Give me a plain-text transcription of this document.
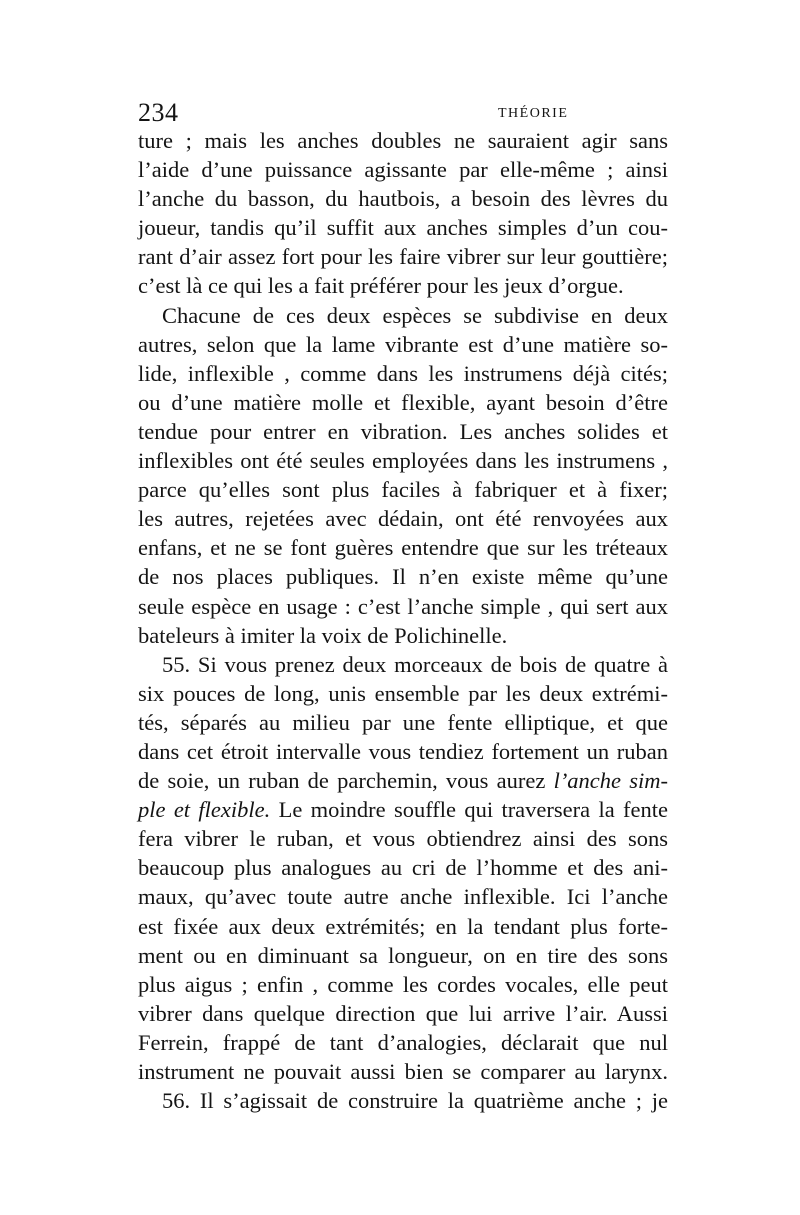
234	THÉORIE
ture ; mais les anches doubles ne sauraient agir sans
l’aide d’une puissance agissante par elle-même ; ainsi
l’anche du basson, du hautbois, a besoin des lèvres du
joueur, tandis qu’il suffit aux anches simples d’un cou-
rant d’air assez fort pour les faire vibrer sur leur gouttière;
c’est là ce qui les a fait préférer pour les jeux d’orgue.
Chacune de ces deux espèces se subdivise en deux
autres, selon que la lame vibrante est d’une matière so-
lide, inflexible , comme dans les instrumens déjà cités;
ou d’une matière molle et flexible, ayant besoin d’être
tendue pour entrer en vibration. Les anches solides et
inflexibles ont été seules employées dans les instrumens ,
parce qu’elles sont plus faciles à fabriquer et à fixer;
les autres, rejetées avec dédain, ont été renvoyées aux
enfans, et ne se font guères entendre que sur les tréteaux
de nos places publiques. Il n’en existe même qu’une
seule espèce en usage : c’est l’anche simple , qui sert aux
bateleurs à imiter la voix de Polichinelle.
55. Si vous prenez deux morceaux de bois de quatre à
six pouces de long, unis ensemble par les deux extrémi-
tés, séparés au milieu par une fente elliptique, et que
dans cet étroit intervalle vous tendiez fortement un ruban
de soie, un ruban de parchemin, vous aurez l’anche sim-
ple et flexible. Le moindre souffle qui traversera la fente
fera vibrer le ruban, et vous obtiendrez ainsi des sons
beaucoup plus analogues au cri de l’homme et des ani-
maux, qu’avec toute autre anche inflexible. Ici l’anche
est fixée aux deux extrémités; en la tendant plus forte-
ment ou en diminuant sa longueur, on en tire des sons
plus aigus ; enfin , comme les cordes vocales, elle peut
vibrer dans quelque direction que lui arrive l’air. Aussi
Ferrein, frappé de tant d’analogies, déclarait que nul
instrument ne pouvait aussi bien se comparer au larynx.
56. Il s’agissait de construire la quatrième anche ; je
